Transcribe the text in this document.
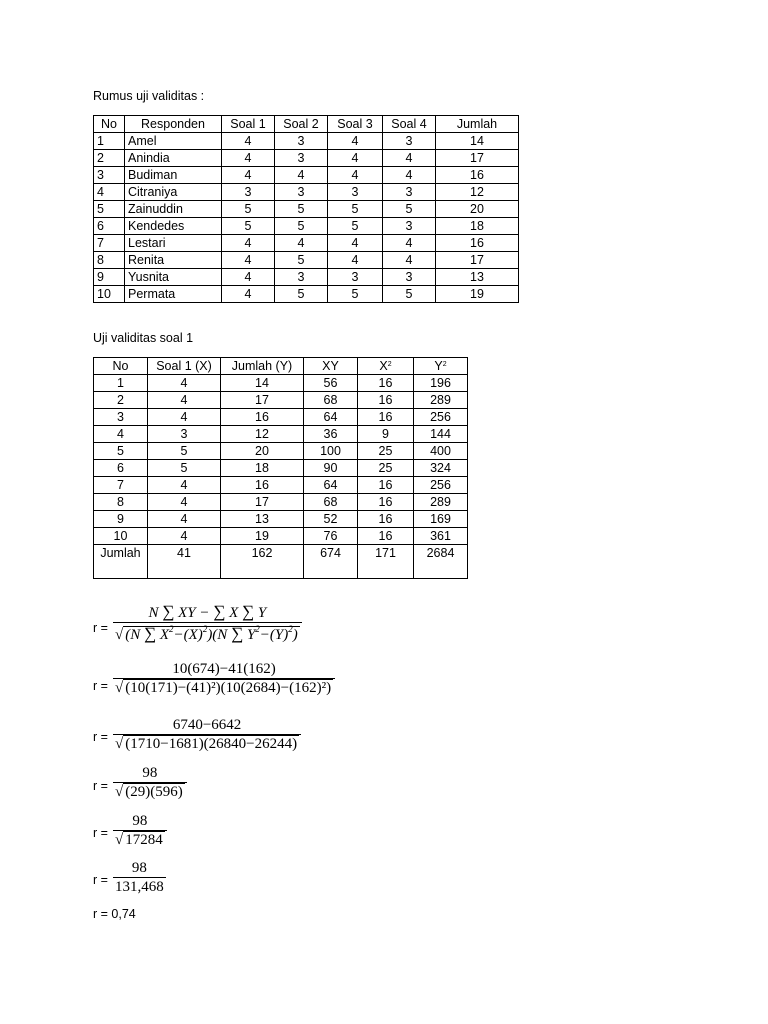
Rumus uji validitas :
No	Responden	Soal 1	Soal 2	Soal 3	Soal 4	Jumlah
1	Amel	4	3	4	3	14
2	Anindia	4	3	4	4	17
3	Budiman	4	4	4	4	16
4	Citraniya	3	3	3	3	12
5	Zainuddin	5	5	5	5	20
6	Kendedes	5	5	5	3	18
7	Lestari	4	4	4	4	16
8	Renita	4	5	4	4	17
9	Yusnita	4	3	3	3	13
10	Permata	4	5	5	5	19
Uji validitas soal 1
No	Soal 1 (X)	Jumlah (Y)	XY	$X^2$	$Y^2$
1	4	14	56	16	196
2	4	17	68	16	289
3	4	16	64	16	256
4	3	12	36	9	144
5	5	20	100	25	400
6	5	18	90	25	324
7	4	16	64	16	256
8	4	17	68	16	289
9	4	13	52	16	169
10	4	19	76	16	361
Jumlah	41	162	674	171	2684
$r = \frac{N \sum XY - \sum X \sum Y}{√ (N \sum X^2-(X)^2)(N \sum Y^2-(Y)^2)}$
$r = \frac{10(674)-41(162)}{\text{√ (10(171)−(41)²)(10(2684)−(162)²)}}$
$r = \frac{6740-6642}{√ (1710-1681)(26840-26244)}$
$r = \frac{98}{√ (29)(596)}$
$r = \frac{98}{√ 17284}$
$r = \frac{98}{131,468}$
r = 0,74
